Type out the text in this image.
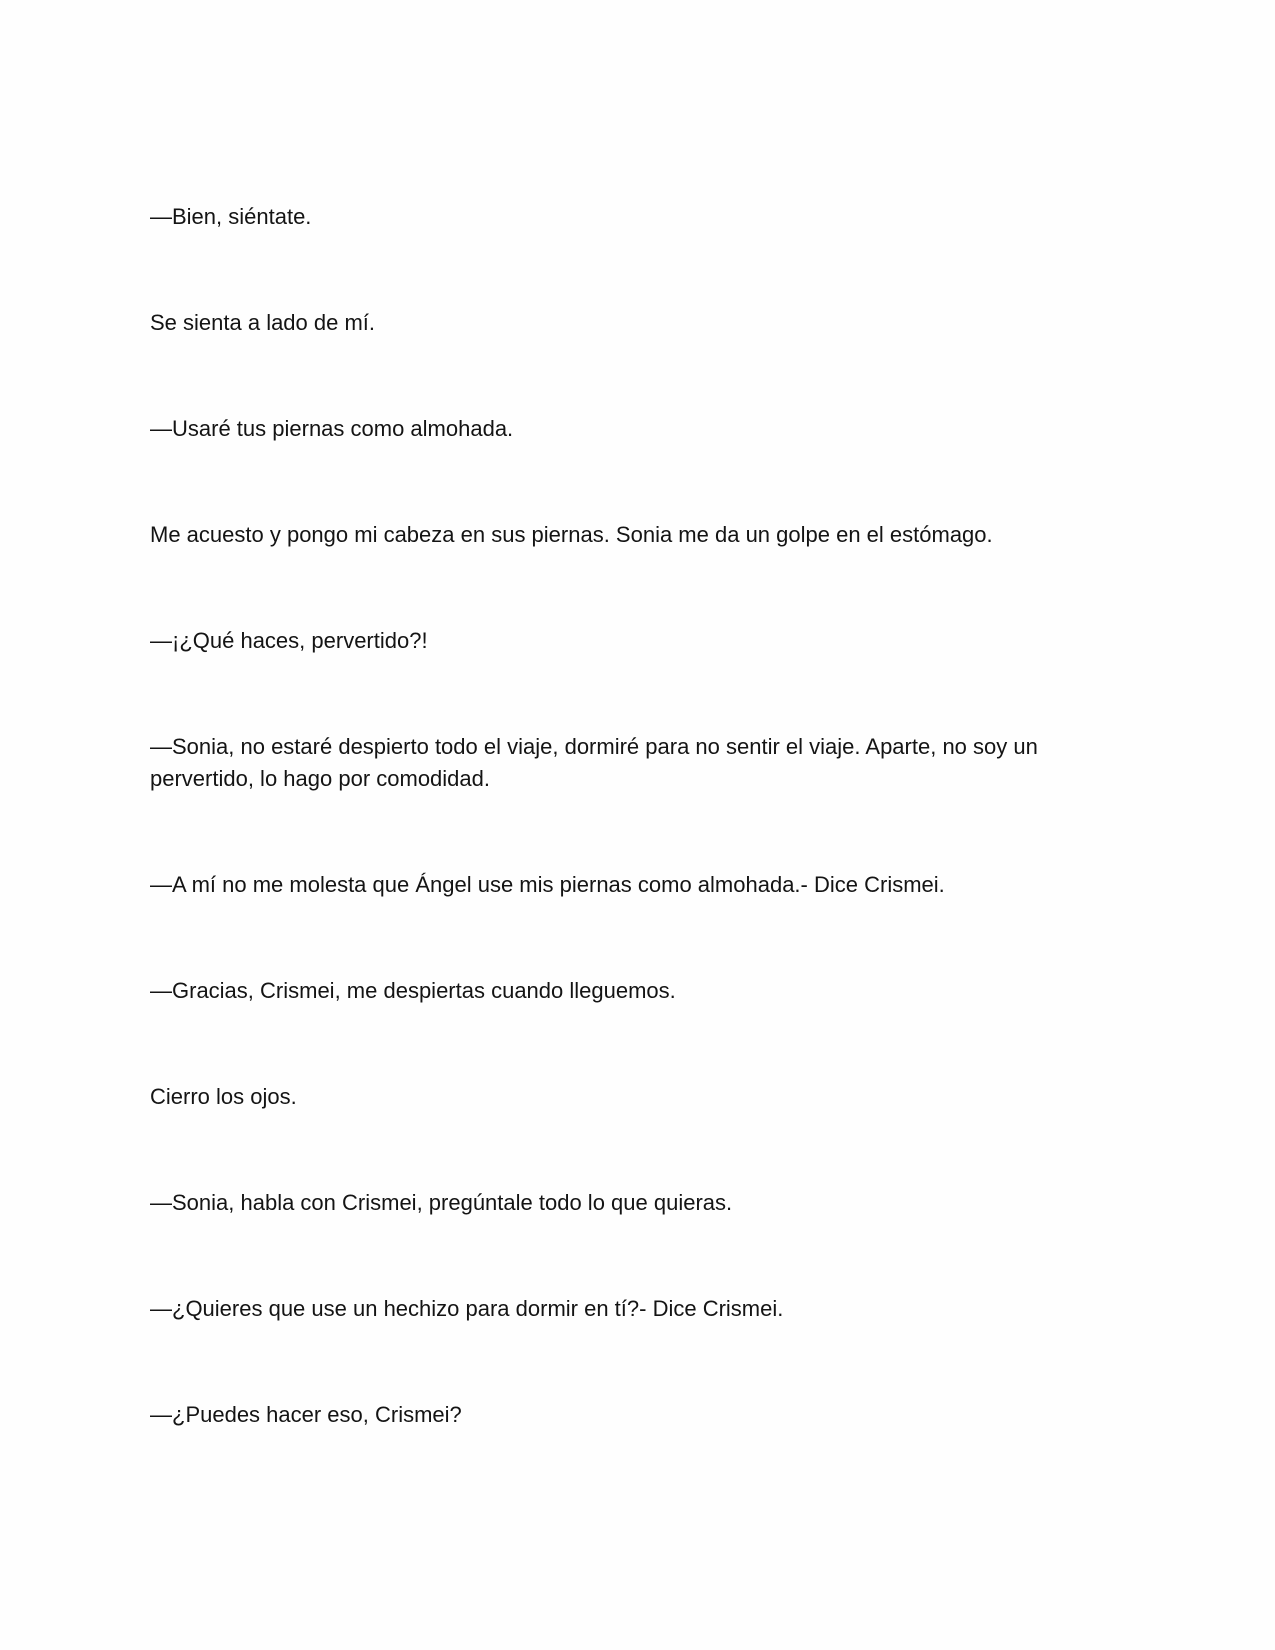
—Bien, siéntate.

Se sienta a lado de mí.

—Usaré tus piernas como almohada.

Me acuesto y pongo mi cabeza en sus piernas. Sonia me da un golpe en el estómago.

—¡¿Qué haces, pervertido?!

—Sonia, no estaré despierto todo el viaje, dormiré para no sentir el viaje. Aparte, no soy un pervertido, lo hago por comodidad.

—A mí no me molesta que Ángel use mis piernas como almohada.- Dice Crismei.

—Gracias, Crismei, me despiertas cuando lleguemos.

Cierro los ojos.

—Sonia, habla con Crismei, pregúntale todo lo que quieras.

—¿Quieres que use un hechizo para dormir en tí?- Dice Crismei.

—¿Puedes hacer eso, Crismei?
